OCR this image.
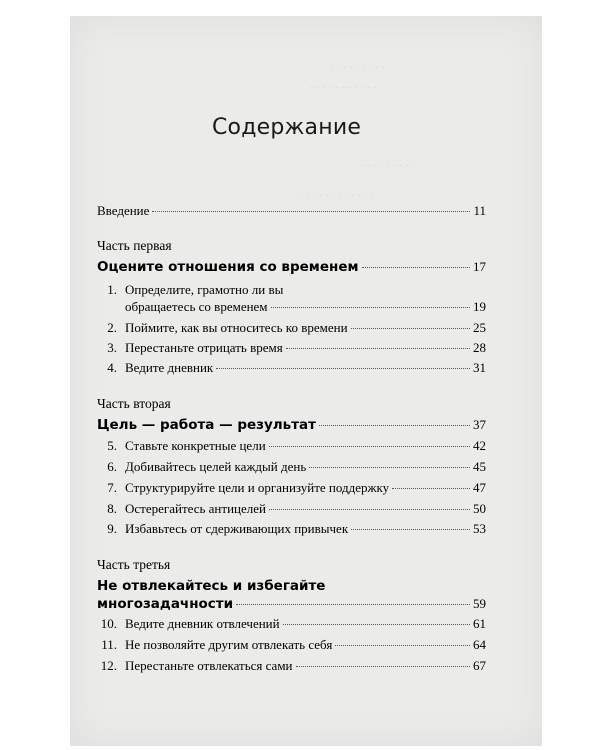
· · · · · · · · ·
· · · · · · · · · · ·
· · · · · · · · ·
· · · · · · · · · · · ·
Содержание
Введение	11
Часть первая
Оцените отношения со временем	17
1. Определите, грамотно ли вы
обращаетесь со временем	19
2. Поймите, как вы относитесь ко времени	25
3. Перестаньте отрицать время	28
4. Ведите дневник	31
Часть вторая
Цель — работа — результат	37
5. Ставьте конкретные цели	42
6. Добивайтесь целей каждый день	45
7. Структурируйте цели и организуйте поддержку	47
8. Остерегайтесь антицелей	50
9. Избавьтесь от сдерживающих привычек	53
Часть третья
Не отвлекайтесь и избегайте
многозадачности	59
10. Ведите дневник отвлечений	61
11. Не позволяйте другим отвлекать себя	64
12. Перестаньте отвлекаться сами	67
